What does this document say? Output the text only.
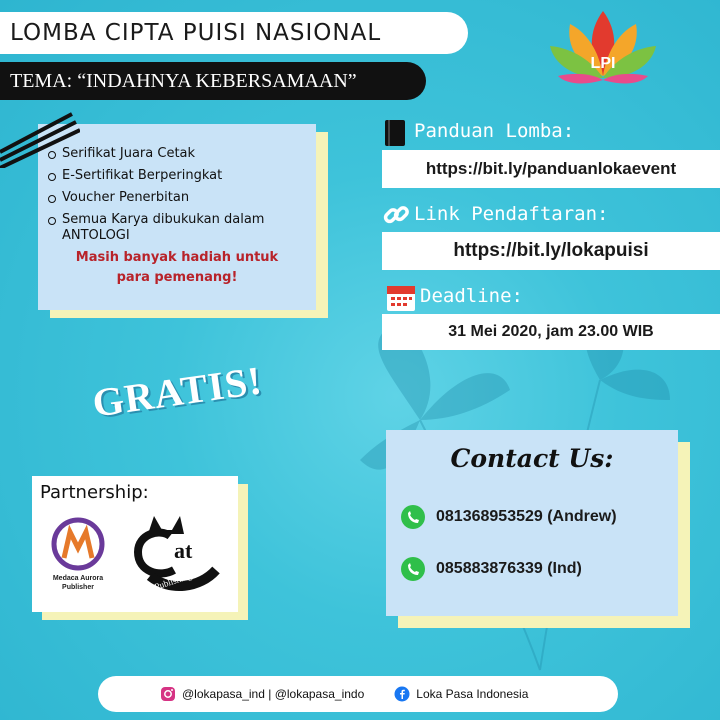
LOMBA CIPTA PUISI NASIONAL
TEMA: “INDAHNYA KEBERSAMAAN”
LPI
Serifikat Juara Cetak
E-Sertifikat Berperingkat
Voucher Penerbitan
Semua Karya dibukukan dalam
ANTOLOGI
Masih banyak hadiah untuk
para pemenang!
GRATIS!
Partnership:
Medaca Aurora
Publisher
at
Publishing
Panduan Lomba:
https://bit.ly/panduanlokaevent
Link Pendaftaran:
https://bit.ly/lokapuisi
Deadline:
31 Mei 2020, jam 23.00 WIB
Contact Us:
081368953529 (Andrew)
085883876339 (Ind)
@lokapasa_ind | @lokapasa_indo	Loka Pasa Indonesia
